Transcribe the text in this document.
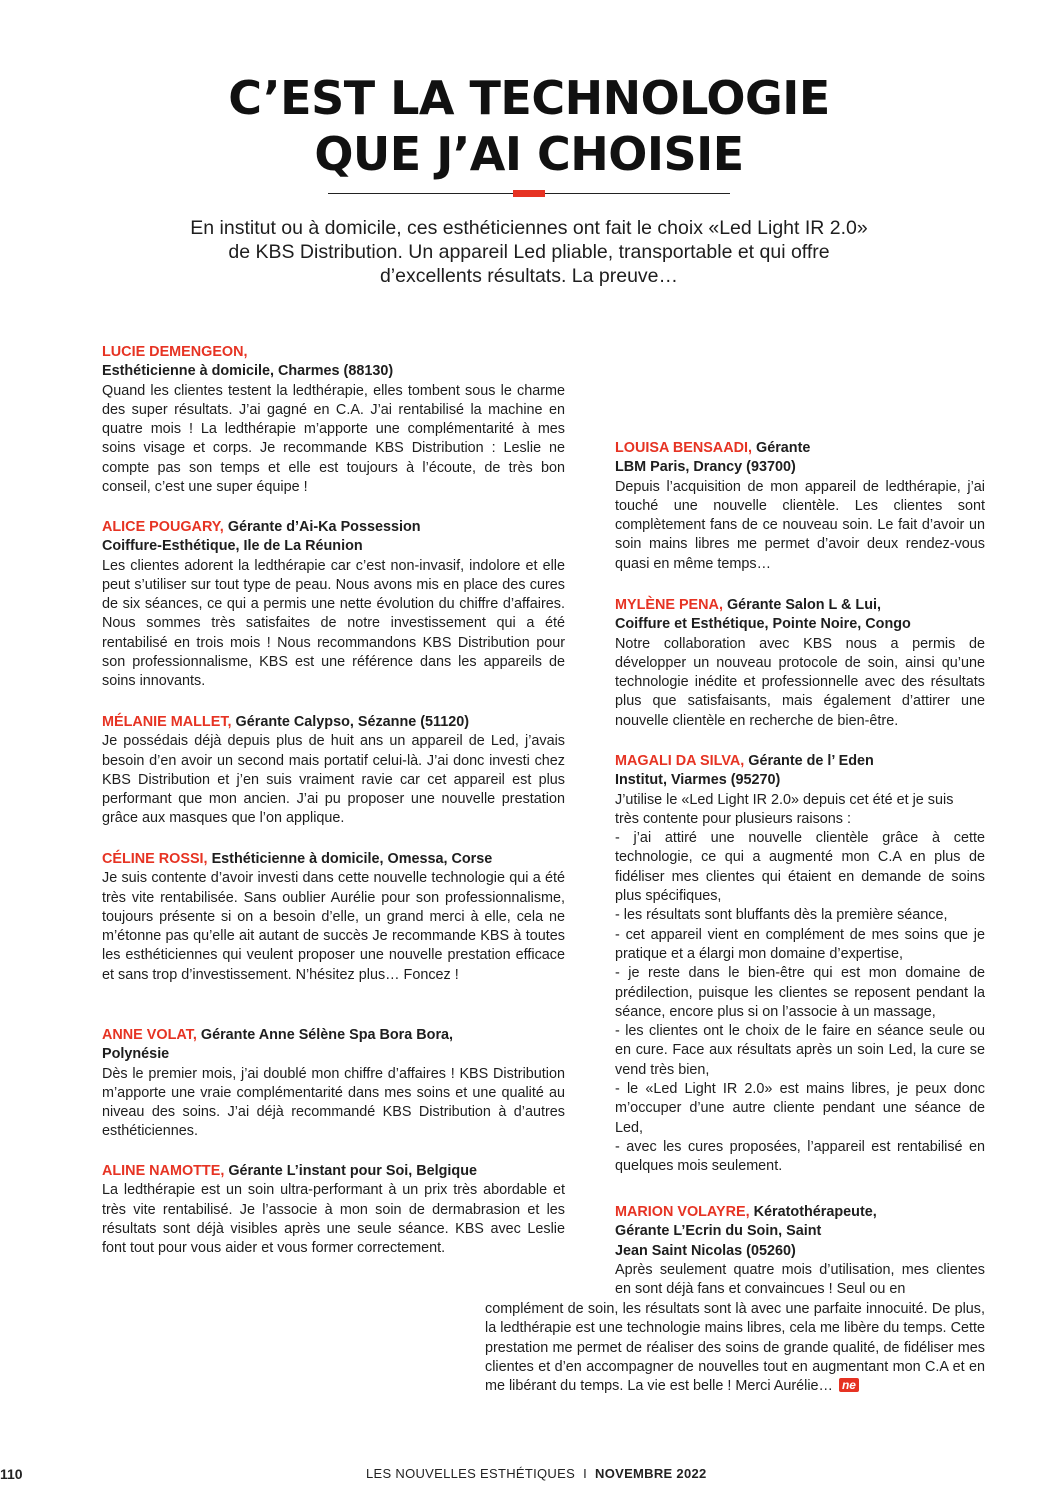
C’EST LA TECHNOLOGIE
QUE J’AI CHOISIE

En institut ou à domicile, ces esthéticiennes ont fait le choix «Led Light IR 2.0» de KBS Distribution. Un appareil Led pliable, transportable et qui offre d’excellents résultats. La preuve…

LUCIE DEMENGEON,
Esthéticienne à domicile, Charmes (88130)

Quand les clientes testent la ledthérapie, elles tombent sous le charme des super résultats. J’ai gagné en C.A. J’ai rentabilisé la machine en quatre mois ! La ledthérapie m’apporte une complémentarité à mes soins visage et corps. Je recommande KBS Distribution : Leslie ne compte pas son temps et elle est toujours à l’écoute, de très bon conseil, c’est une super équipe !

ALICE POUGARY, Gérante d’Ai-Ka Possession
Coiffure-Esthétique, Ile de La Réunion

Les clientes adorent la ledthérapie car c’est non-invasif, indolore et elle peut s’utiliser sur tout type de peau. Nous avons mis en place des cures de six séances, ce qui a permis une nette évolution du chiffre d’affaires. Nous sommes très satisfaites de notre investissement qui a été rentabilisé en trois mois ! Nous recommandons KBS Distribution pour son professionnalisme, KBS est une référence dans les appareils de soins innovants.

MÉLANIE MALLET, Gérante Calypso, Sézanne (51120)

Je possédais déjà depuis plus de huit ans un appareil de Led, j’avais besoin d’en avoir un second mais portatif celui-là. J’ai donc investi chez KBS Distribution et j’en suis vraiment ravie car cet appareil est plus performant que mon ancien. J’ai pu proposer une nouvelle prestation grâce aux masques que l’on applique.

CÉLINE ROSSI, Esthéticienne à domicile, Omessa, Corse

Je suis contente d’avoir investi dans cette nouvelle technologie qui a été très vite rentabilisée. Sans oublier Aurélie pour son professionnalisme, toujours présente si on a besoin d’elle, un grand merci à elle, cela ne m’étonne pas qu’elle ait autant de succès Je recommande KBS à toutes les esthéticiennes qui veulent proposer une nouvelle prestation efficace et sans trop d’investissement. N’hésitez plus… Foncez !

ANNE VOLAT, Gérante Anne Sélène Spa Bora Bora,
Polynésie

Dès le premier mois, j’ai doublé mon chiffre d’affaires ! KBS Distribution m’apporte une vraie complémentarité dans mes soins et une qualité au niveau des soins. J’ai déjà recommandé KBS Distribution à d’autres esthéticiennes.

ALINE NAMOTTE, Gérante L’instant pour Soi, Belgique

La ledthérapie est un soin ultra-performant à un prix très abordable et très vite rentabilisé. Je l’associe à mon soin de dermabrasion et les résultats sont déjà visibles après une seule séance. KBS avec Leslie font tout pour vous aider et vous former correctement.

LOUISA BENSAADI, Gérante
LBM Paris, Drancy (93700)

Depuis l’acquisition de mon appareil de ledthérapie, j’ai touché une nouvelle clientèle. Les clientes sont complètement fans de ce nouveau soin. Le fait d’avoir un soin mains libres me permet d’avoir deux rendez-vous quasi en même temps…

MYLÈNE PENA, Gérante Salon L & Lui,
Coiffure et Esthétique, Pointe Noire, Congo

Notre collaboration avec KBS nous a permis de développer un nouveau protocole de soin, ainsi qu’une technologie inédite et professionnelle avec des résultats plus que satisfaisants, mais également d’attirer une nouvelle clientèle en recherche de bien-être.

MAGALI DA SILVA, Gérante de l’ Eden
Institut, Viarmes (95270)
J’utilise le «Led Light IR 2.0» depuis cet été et je suis
très contente pour plusieurs raisons :
- j’ai attiré une nouvelle clientèle grâce à cette technologie, ce qui a augmenté mon C.A en plus de fidéliser mes clientes qui étaient en demande de soins plus spécifiques,
- les résultats sont bluffants dès la première séance,
- cet appareil vient en complément de mes soins que je pratique et a élargi mon domaine d’expertise,
- je reste dans le bien-être qui est mon domaine de prédilection, puisque les clientes se reposent pendant la séance, encore plus si on l’associe à un massage,
- les clientes ont le choix de le faire en séance seule ou en cure. Face aux résultats après un soin Led, la cure se vend très bien,
- le «Led Light IR 2.0» est mains libres, je peux donc m’occuper d’une autre cliente pendant une séance de Led,
- avec les cures proposées, l’appareil est rentabilisé en quelques mois seulement.
MARION VOLAYRE, Kératothérapeute,
Gérante L’Ecrin du Soin, Saint
Jean Saint Nicolas (05260)

Après seulement quatre mois d’utilisation, mes clientes en sont déjà fans et convaincues ! Seul ou en

complément de soin, les résultats sont là avec une parfaite innocuité. De plus, la ledthérapie est une technologie mains libres, cela me libère du temps. Cette prestation me permet de réaliser des soins de grande qualité, de fidéliser mes clientes et d’en accompagner de nouvelles tout en augmentant mon C.A et en me libérant du temps. La vie est belle ! Merci Aurélie… ne

110	LES NOUVELLES ESTHÉTIQUES I NOVEMBRE 2022
